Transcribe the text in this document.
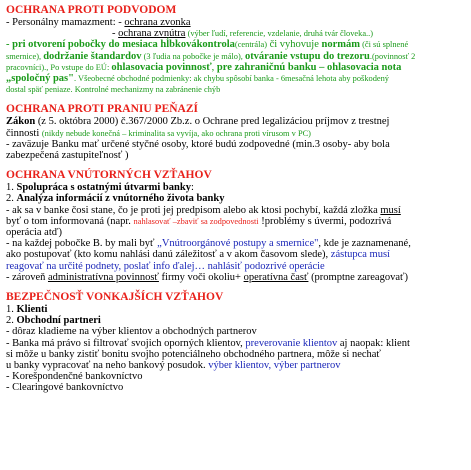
OCHRANA PROTI PODVODOM

- Personálny mamazment: - ochrana zvonka

- ochrana zvnútra (výber ľudí, referencie, vzdelanie, druhá tvár človeka..)

- pri otvorení pobočky do mesiaca hĺbkovákontrola(centrála) či vyhovuje normám (či sú splnené

smernice), dodržanie štandardov (3 ľudia na pobočke je málo), otváranie vstupu do trezoru.(povinnosť 2

pracovníci)., Po vstupe do EÚ: ohlasovacia povinnosť, pre zahraničnú banku – ohlasovacia nota

„spoločný pas". Všeobecné obchodné podmienky: ak chybu spôsobí banka - 6mesačná lehota aby poškodený

dostal späť peniaze. Kontrolné mechanizmy na zabránenie chýb

OCHRANA PROTI PRANIU PEŇAZÍ

Zákon (z 5. októbra 2000) č.367/2000 Zb.z. o Ochrane pred legalizáciou príjmov z trestnej

činnosti (nikdy nebude konečná – kriminalita sa vyvíja, ako ochrana proti vírusom v PC)

- zaväzuje Banku mať určené styčné osoby, ktoré budú zodpovedné (min.3 osoby- aby bola

zabezpečená zastupiteľnosť )

OCHRANA VNÚTORNÝCH VZŤAHOV

1. Spolupráca s ostatnými útvarmi banky:

2. Analýza informácií z vnútorného života banky

- ak sa v banke čosi stane, čo je proti jej predpisom alebo ak ktosi pochybí, každá zložka musí

byť o tom informovaná (napr. nahlasovať –zbaviť sa zodpovednosti !problémy s úvermi, podozrivá

operácia atď)

- na každej pobočke B. by mali byť „Vnútroorgánové postupy a smernice", kde je zaznamenané,

ako postupovať (kto komu nahlási danú záležitosť a v akom časovom slede), zástupca musí

reagovať na určité podnety, poslať info ďalej… nahlásiť podozrivé operácie

- zároveň administratívna povinnosť firmy voči okoliu+ operatívna časť (promptne zareagovať)

BEZPEČNOSŤ VONKAJŠÍCH VZŤAHOV

1. Klienti

2. Obchodní partneri

- dôraz kladieme na výber klientov a obchodných partnerov

- Banka má právo si filtrovať svojich oporných klientov, preverovanie klientov aj naopak: klient

si môže u banky zistiť bonitu svojho potenciálneho obchodného partnera, môže si nechať

u banky vypracovať na neho bankový posudok. výber klientov, výber partnerov

- Korešpondenčné bankovníctvo

- Clearingové bankovníctvo
